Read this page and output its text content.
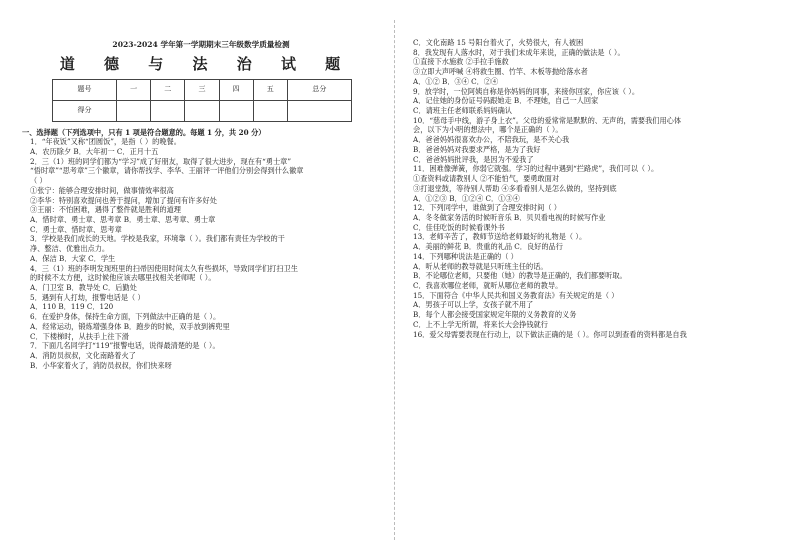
2023-2024 学年第一学期期末三年级数学质量检测

道 德 与 法 治 试 题

题号	一	二	三	四	五	总分
得分						

一、选择题（下列选项中，只有 1 项是符合题意的。每题 1 分，共 20 分）

1．“年夜饭”又称“团圆饭”，是指（ ）的晚餐。

A．农历除夕 B．大年初一 C．正月十五

2．三（1）班的同学们都为“学习”成了好朋友，取得了很大进步，现在有“勇士章”

“悟时章”“思考章”三个徽章，请你帮找学、李华、王丽评一评他们分别会得到什么徽章

（ ）

①张宁：能够合理安排时间，做事情效率很高

②李华：特别喜欢提问也善于提问，增加了提问有许多好处

③王丽：不怕困难，遇得了整件就是胜利的道理

A．惜时章、勇士章、思考章 B．勇士章、思考章、勇士章

C．勇士章、惜时章、思考章

3．学校是我们成长的天地。学校是我家，环境靠（ ）。我们都有责任为学校的干

净、整洁、优雅出点力。

A．保洁 B．大家 C．学生

4．三（1）班的李明发现班里的扫帚因使用时间太久有些损坏，导致同学们打扫卫生

的时候不太方便，这时候他应该去哪里找相关老师呢（ ）。

A．门卫室 B．教导处 C．后勤处

5．遇到有人打劫，报警电话是（ ）

A．110 B．119 C．120

6．在爱护身体，保持生命方面，下列做法中正确的是（ ）。

A．经常运动，锻炼增强身体 B．跑步的时候，双手放到裤兜里

C．下楼梯时，从扶手上往下滑

7．下面几名同学打“119”报警电话，说得最清楚的是（ ）。

A．消防员叔叔，文化南路着火了

B．小华家着火了，消防员叔叔，你们快来呀

C．文化南路 15 号阳台着火了，火势很大，有人被困

8．我发现有人落水时，对于我们未成年来说，正确的做法是（ ）。

①直接下水施救 ②手拉手施救

③立即大声呼喊 ④将救生圈、竹竿、木板等抛给落水者

A．①② B．③④ C．②④

9．放学时，一位阿姨自称是你妈妈的同事，来接你回家，你应该（ ）。

A．记住她的身份证号码跟她走 B．不理她，自己一人回家

C．请班主任老师联系妈妈确认

10．“慈母手中线，游子身上衣”。父母的爱常常是默默的、无声的，需要我们用心体

会，以下为小明的想法中，哪个是正确的（ ）。

A．爸爸妈妈很喜欢办公，不陪我玩，是不关心我

B．爸爸妈妈对我要求严格，是为了我好

C．爸爸妈妈批评我，是因为不爱我了

11．困难像弹簧，你弱它就强。学习的过程中遇到“拦路虎”，我们可以（ ）。

①查资料或请教别人 ②不能怕气，要勇敢面对

③打退堂鼓，等待别人帮助 ④多看看别人是怎么做的，坚持到底

A．①②③ B．①②④ C．①③④

12．下列同学中，谁做到了合理安排时间（ ）

A．冬冬做家务活的时候听音乐 B．贝贝看电视的时候写作业

C．佳佳吃饭的时候看课外书

13．老师辛苦了，教师节送给老师最好的礼物是（ ）。

A．美丽的鲜花 B．贵重的礼品 C．良好的品行

14．下列哪种说法是正确的（ ）

A．听从老师的教导就是只听班主任的话。

B．不论哪位老师，只要他（她）的教导是正确的，我们都要听取。

C．我喜欢哪位老师，就听从哪位老师的教导。

15．下面符合《中华人民共和国义务教育法》有关规定的是（ ）

A．男孩子可以上学，女孩子就不用了

B．每个人都会接受国家规定年限的义务教育的义务

C．上不上学无所谓，将来长大会挣钱就行

16．爱父母需要表现在行动上，以下做法正确的是（ ）。你可以到查看的资料都是自我
